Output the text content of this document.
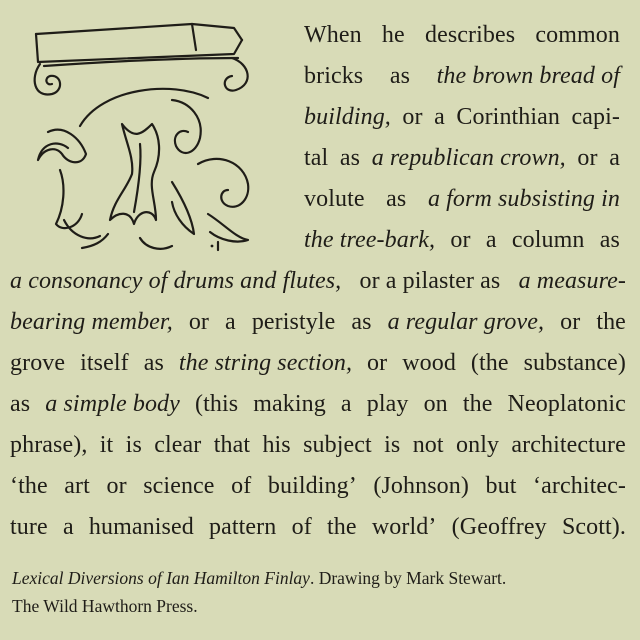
When he describes common
bricks as the brown bread of
building, or a Corinthian capi-
tal as a republican crown, or a
volute as a form subsisting in
the tree-bark, or a column as
a consonancy of drums and flutes, or a pilaster as a measure-
bearing member, or a peristyle as a regular grove, or the
grove itself as the string section, or wood (the substance)
as a simple body (this making a play on the Neoplatonic
phrase), it is clear that his subject is not only architecture
‘the art or science of building’ (Johnson) but ‘architec-
ture a humanised pattern of the world’ (Geoffrey Scott).
Lexical Diversions of Ian Hamilton Finlay. Drawing by Mark Stewart.
The Wild Hawthorn Press.
